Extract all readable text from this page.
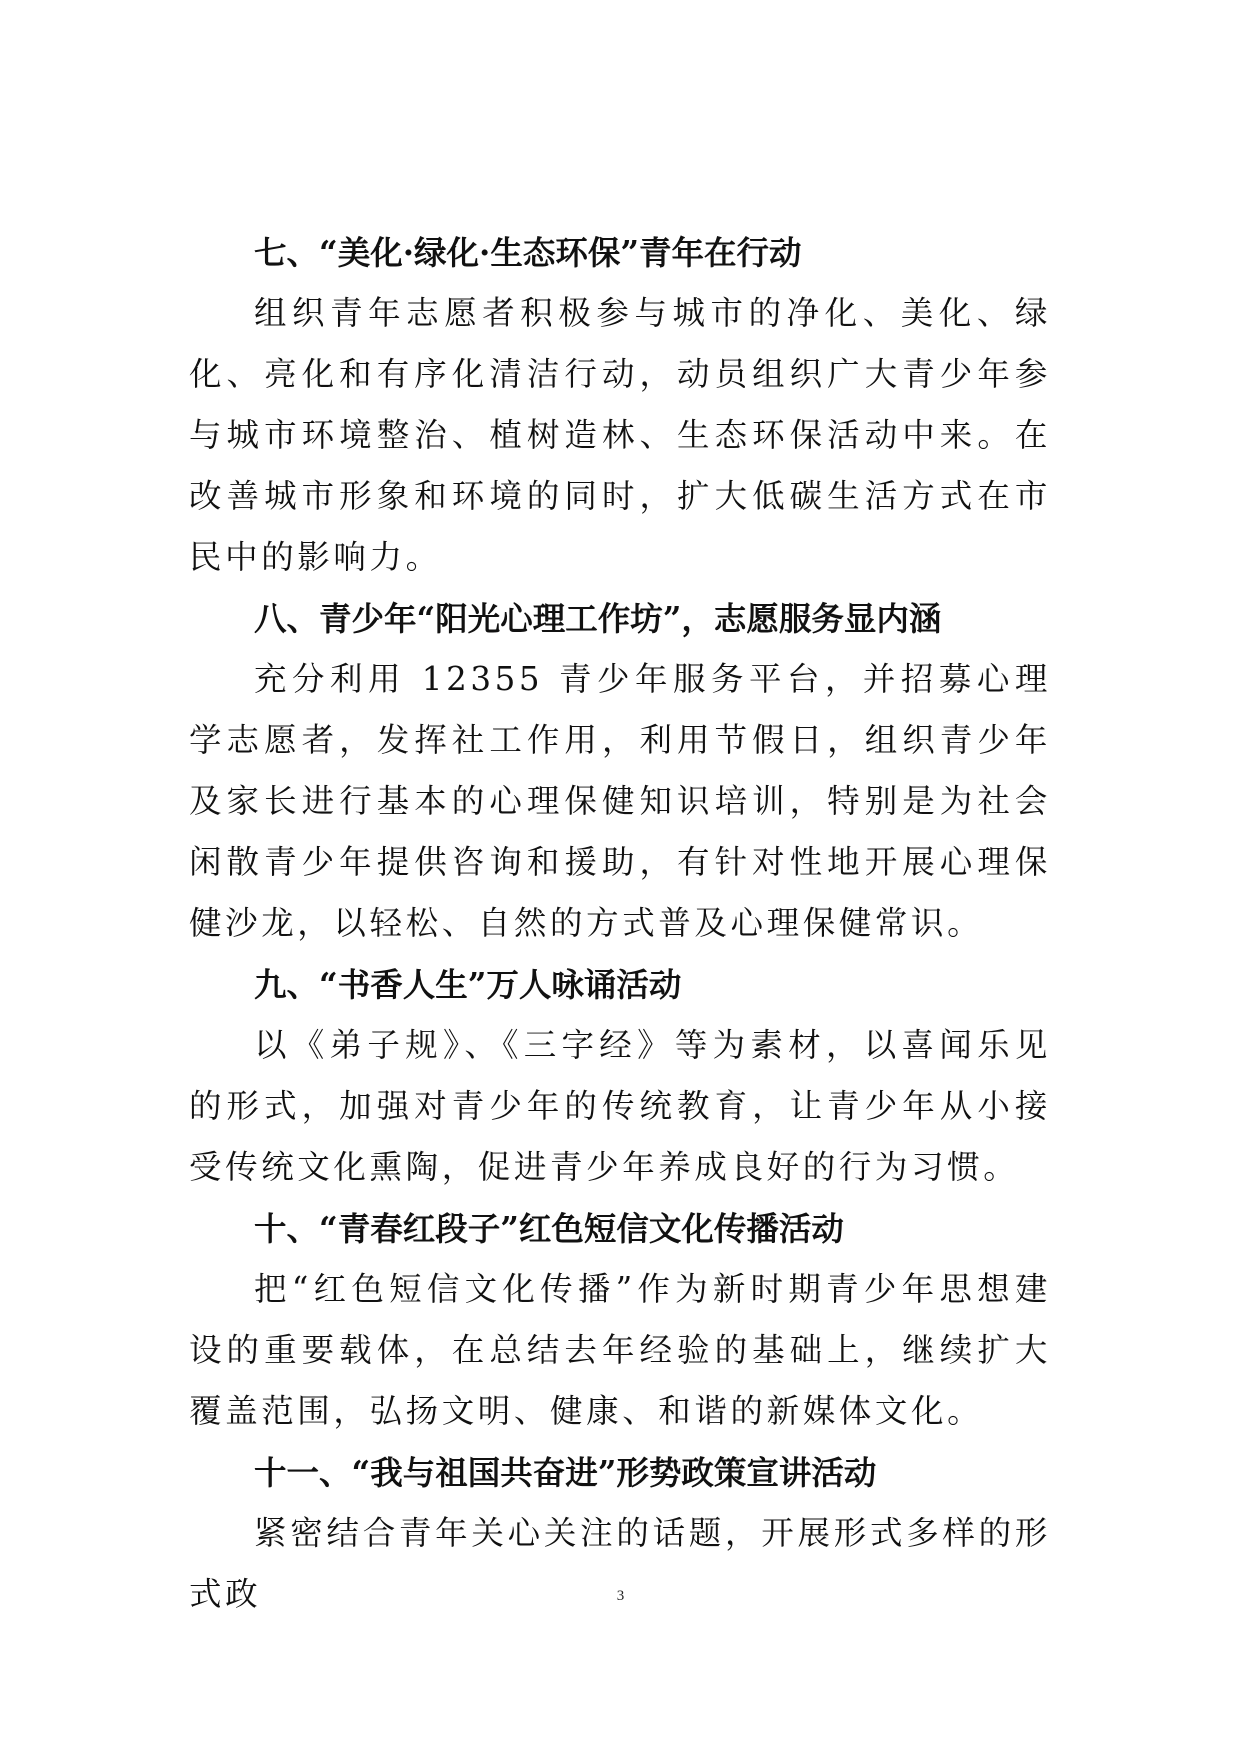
七、“美化·绿化·生态环保”青年在行动

组织青年志愿者积极参与城市的净化、美化、绿化、亮化和有序化清洁行动，动员组织广大青少年参与城市环境整治、植树造林、生态环保活动中来。在改善城市形象和环境的同时，扩大低碳生活方式在市民中的影响力。

八、青少年“阳光心理工作坊”，志愿服务显内涵

充分利用 12355 青少年服务平台，并招募心理学志愿者，发挥社工作用，利用节假日，组织青少年及家长进行基本的心理保健知识培训，特别是为社会闲散青少年提供咨询和援助，有针对性地开展心理保健沙龙，以轻松、自然的方式普及心理保健常识。

九、“书香人生”万人咏诵活动

以《弟子规》、《三字经》等为素材，以喜闻乐见的形式，加强对青少年的传统教育，让青少年从小接受传统文化熏陶，促进青少年养成良好的行为习惯。

十、“青春红段子”红色短信文化传播活动

把“红色短信文化传播”作为新时期青少年思想建设的重要载体，在总结去年经验的基础上，继续扩大覆盖范围，弘扬文明、健康、和谐的新媒体文化。

十一、“我与祖国共奋进”形势政策宣讲活动

紧密结合青年关心关注的话题，开展形式多样的形式政	3
